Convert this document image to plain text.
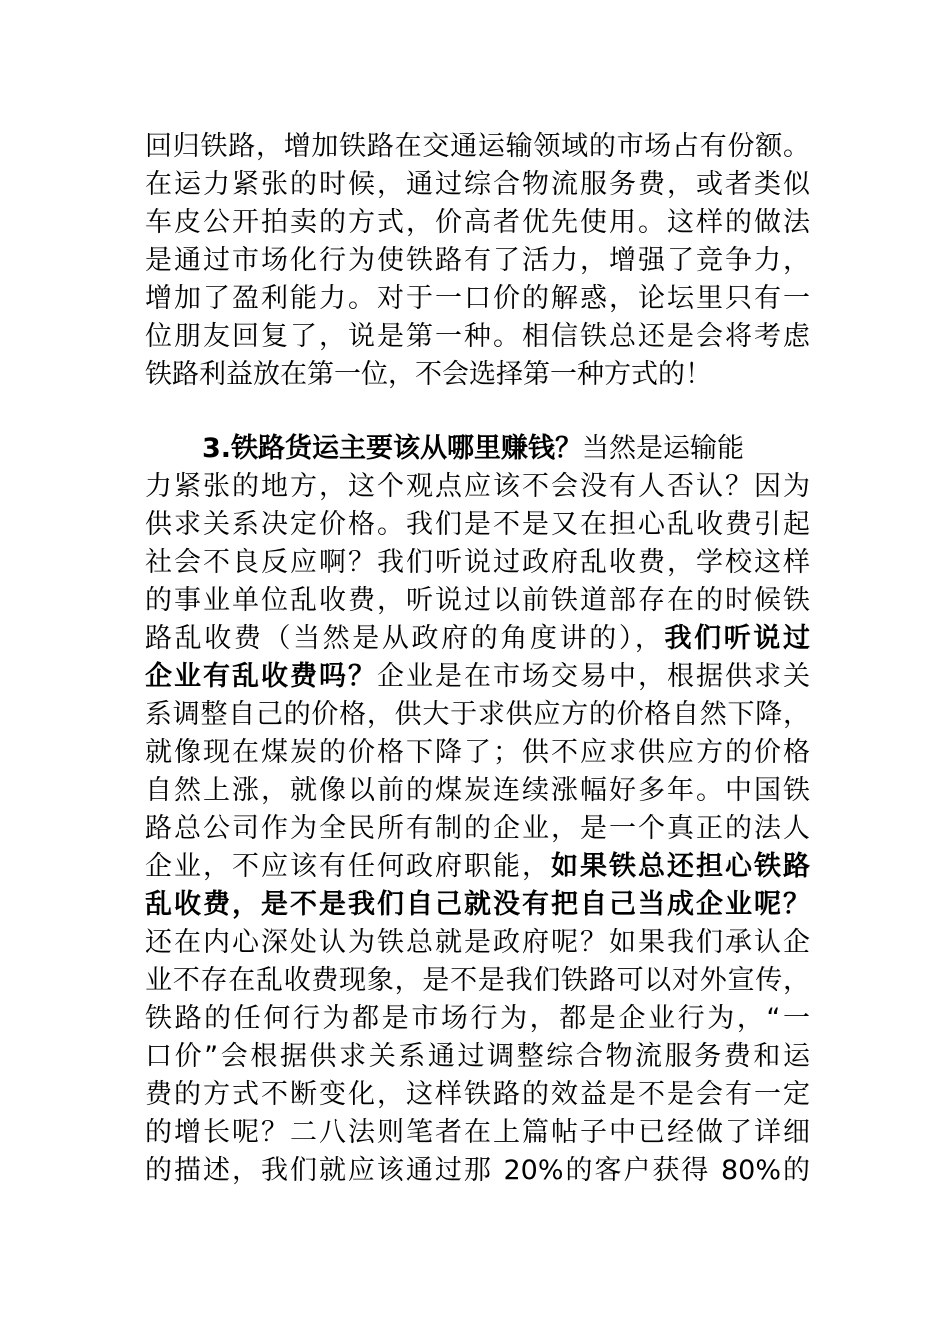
回归铁路，增加铁路在交通运输领域的市场占有份额。
在运力紧张的时候，通过综合物流服务费，或者类似
车皮公开拍卖的方式，价高者优先使用。这样的做法
是通过市场化行为使铁路有了活力，增强了竞争力，
增加了盈利能力。对于一口价的解惑，论坛里只有一
位朋友回复了，说是第一种。相信铁总还是会将考虑
铁路利益放在第一位，不会选择第一种方式的！
3.铁路货运主要该从哪里赚钱？当然是运输能
力紧张的地方，这个观点应该不会没有人否认？因为
供求关系决定价格。我们是不是又在担心乱收费引起
社会不良反应啊？我们听说过政府乱收费，学校这样
的事业单位乱收费，听说过以前铁道部存在的时候铁
路乱收费（当然是从政府的角度讲的），我们听说过
企业有乱收费吗？企业是在市场交易中，根据供求关
系调整自己的价格，供大于求供应方的价格自然下降，
就像现在煤炭的价格下降了；供不应求供应方的价格
自然上涨，就像以前的煤炭连续涨幅好多年。中国铁
路总公司作为全民所有制的企业，是一个真正的法人
企业，不应该有任何政府职能，如果铁总还担心铁路
乱收费，是不是我们自己就没有把自己当成企业呢？
还在内心深处认为铁总就是政府呢？如果我们承认企
业不存在乱收费现象，是不是我们铁路可以对外宣传，
铁路的任何行为都是市场行为，都是企业行为，“一
口价”会根据供求关系通过调整综合物流服务费和运
费的方式不断变化，这样铁路的效益是不是会有一定
的增长呢？二八法则笔者在上篇帖子中已经做了详细
的描述，我们就应该通过那 20%的客户获得 80%的
